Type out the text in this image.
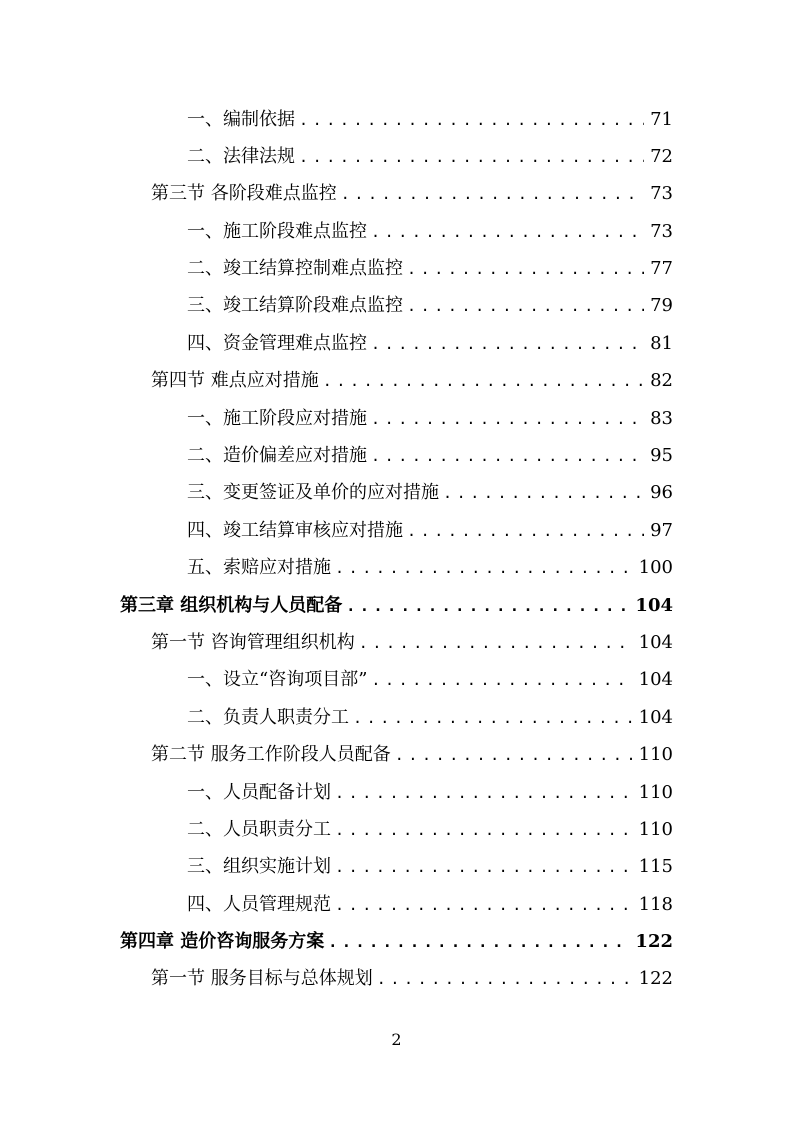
一、编制依据 .....	71
二、法律法规 .....	72
第三节 各阶段难点监控 .....	73
一、施工阶段难点监控 .....	73
二、竣工结算控制难点监控 .....	77
三、竣工结算阶段难点监控 .....	79
四、资金管理难点监控 .....	81
第四节 难点应对措施 .....	82
一、施工阶段应对措施 .....	83
二、造价偏差应对措施 .....	95
三、变更签证及单价的应对措施 .....	96
四、竣工结算审核应对措施 .....	97
五、索赔应对措施 .....	100
第三章 组织机构与人员配备 .....	104
第一节 咨询管理组织机构 .....	104
一、设立“咨询项目部” .....	104
二、负责人职责分工 .....	104
第二节 服务工作阶段人员配备 .....	110
一、人员配备计划 .....	110
二、人员职责分工 .....	110
三、组织实施计划 .....	115
四、人员管理规范 .....	118
第四章 造价咨询服务方案 .....	122
第一节 服务目标与总体规划 .....	122
2
